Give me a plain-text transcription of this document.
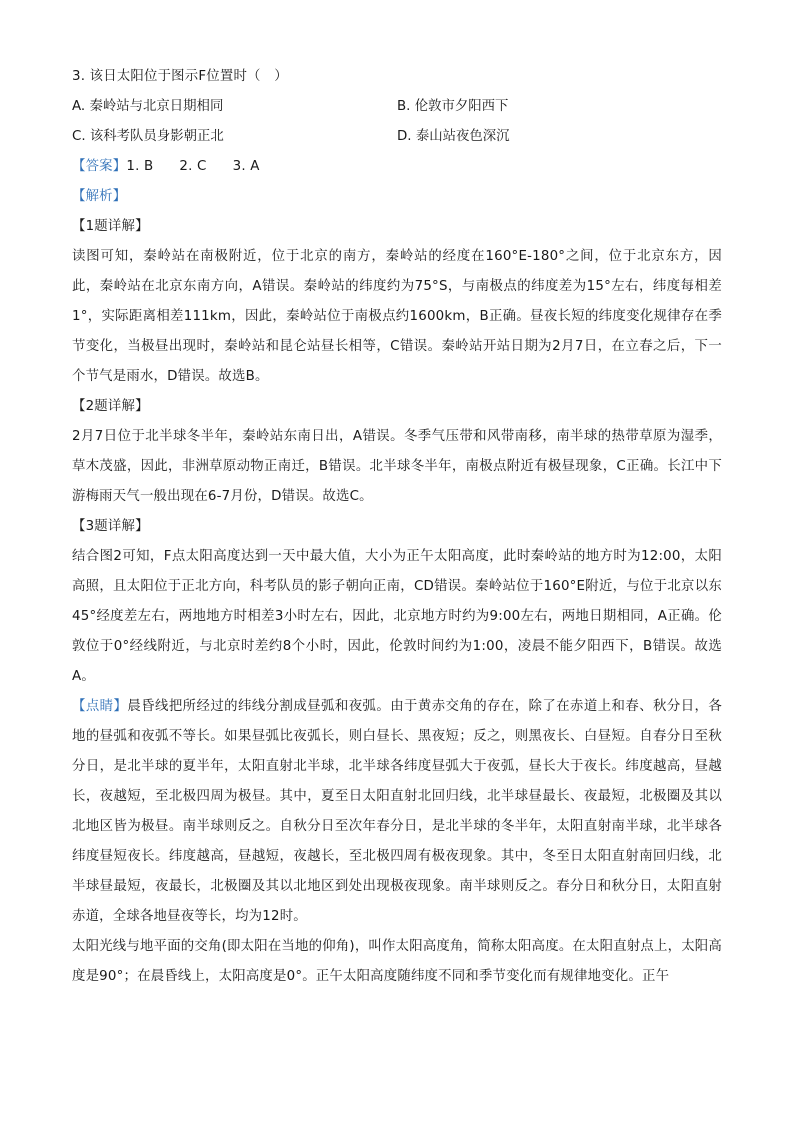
3. 该日太阳位于图示F位置时（　）
A. 秦岭站与北京日期相同	B. 伦敦市夕阳西下
C. 该科考队员身影朝正北	D. 泰山站夜色深沉
【答案】1. B 2. C 3. A
【解析】
【1题详解】
读图可知，秦岭站在南极附近，位于北京的南方，秦岭站的经度在160°E-180°之间，位于北京东方，因此，秦岭站在北京东南方向，A错误。秦岭站的纬度约为75°S，与南极点的纬度差为15°左右，纬度每相差1°，实际距离相差111km，因此，秦岭站位于南极点约1600km，B正确。昼夜长短的纬度变化规律存在季节变化，当极昼出现时，秦岭站和昆仑站昼长相等，C错误。秦岭站开站日期为2月7日，在立春之后，下一个节气是雨水，D错误。故选B。
【2题详解】
2月7日位于北半球冬半年，秦岭站东南日出，A错误。冬季气压带和风带南移，南半球的热带草原为湿季，草木茂盛，因此，非洲草原动物正南迁，B错误。北半球冬半年，南极点附近有极昼现象，C正确。长江中下游梅雨天气一般出现在6-7月份，D错误。故选C。
【3题详解】
结合图2可知，F点太阳高度达到一天中最大值，大小为正午太阳高度，此时秦岭站的地方时为12:00，太阳高照，且太阳位于正北方向，科考队员的影子朝向正南，CD错误。秦岭站位于160°E附近，与位于北京以东45°经度差左右，两地地方时相差3小时左右，因此，北京地方时约为9:00左右，两地日期相同，A正确。伦敦位于0°经线附近，与北京时差约8个小时，因此，伦敦时间约为1:00，凌晨不能夕阳西下，B错误。故选A。
【点睛】晨昏线把所经过的纬线分割成昼弧和夜弧。由于黄赤交角的存在，除了在赤道上和春、秋分日，各地的昼弧和夜弧不等长。如果昼弧比夜弧长，则白昼长、黑夜短；反之，则黑夜长、白昼短。自春分日至秋分日，是北半球的夏半年，太阳直射北半球，北半球各纬度昼弧大于夜弧，昼长大于夜长。纬度越高，昼越长，夜越短，至北极四周为极昼。其中，夏至日太阳直射北回归线，北半球昼最长、夜最短，北极圈及其以北地区皆为极昼。南半球则反之。自秋分日至次年春分日，是北半球的冬半年，太阳直射南半球，北半球各纬度昼短夜长。纬度越高，昼越短，夜越长，至北极四周有极夜现象。其中，冬至日太阳直射南回归线，北半球昼最短，夜最长，北极圈及其以北地区到处出现极夜现象。南半球则反之。春分日和秋分日，太阳直射赤道，全球各地昼夜等长，均为12时。
太阳光线与地平面的交角(即太阳在当地的仰角)，叫作太阳高度角，简称太阳高度。在太阳直射点上，太阳高度是90°；在晨昏线上，太阳高度是0°。正午太阳高度随纬度不同和季节变化而有规律地变化。正午
